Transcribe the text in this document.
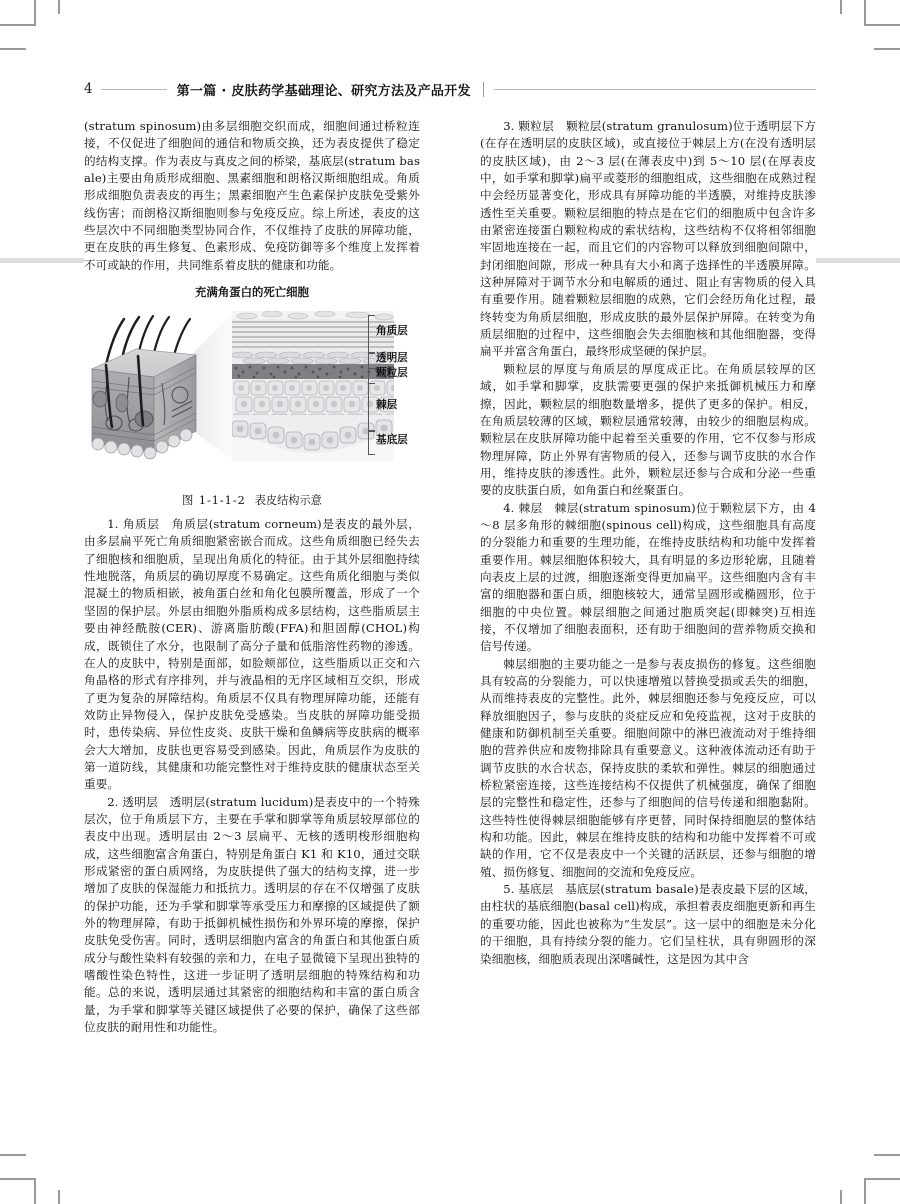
4	第一篇 · 皮肤药学基础理论、研究方法及产品开发

(stratum spinosum)由多层细胞交织而成，细胞间通过桥粒连接，不仅促进了细胞间的通信和物质交换，还为表皮提供了稳定的结构支撑。作为表皮与真皮之间的桥梁，基底层(stratum basale)主要由角质形成细胞、黑素细胞和朗格汉斯细胞组成。角质形成细胞负责表皮的再生；黑素细胞产生色素保护皮肤免受紫外线伤害；而朗格汉斯细胞则参与免疫反应。综上所述，表皮的这些层次中不同细胞类型协同合作，不仅维持了皮肤的屏障功能，更在皮肤的再生修复、色素形成、免疫防御等多个维度上发挥着不可或缺的作用，共同维系着皮肤的健康和功能。

充满角蛋白的死亡细胞
角质层
透明层
颗粒层
棘层
基底层
图 1-1-1-2 表皮结构示意

1. 角质层　角质层(stratum corneum)是表皮的最外层，由多层扁平死亡角质细胞紧密嵌合而成。这些角质细胞已经失去了细胞核和细胞质，呈现出角质化的特征。由于其外层细胞持续性地脱落，角质层的确切厚度不易确定。这些角质化细胞与类似混凝土的物质相嵌，被角蛋白丝和角化包膜所覆盖，形成了一个坚固的保护层。外层由细胞外脂质构成多层结构，这些脂质层主要由神经酰胺(CER)、游离脂肪酸(FFA)和胆固醇(CHOL)构成，既锁住了水分，也限制了高分子量和低脂溶性药物的渗透。在人的皮肤中，特别是面部，如脸颊部位，这些脂质以正交和六角晶格的形式有序排列，并与液晶相的无序区域相互交织，形成了更为复杂的屏障结构。角质层不仅具有物理屏障功能，还能有效防止异物侵入，保护皮肤免受感染。当皮肤的屏障功能受损时，患传染病、异位性皮炎、皮肤干燥和鱼鳞病等皮肤病的概率会大大增加，皮肤也更容易受到感染。因此，角质层作为皮肤的第一道防线，其健康和功能完整性对于维持皮肤的健康状态至关重要。

2. 透明层　透明层(stratum lucidum)是表皮中的一个特殊层次，位于角质层下方，主要在手掌和脚掌等角质层较厚部位的表皮中出现。透明层由 2～3 层扁平、无核的透明梭形细胞构成，这些细胞富含角蛋白，特别是角蛋白 K1 和 K10，通过交联形成紧密的蛋白质网络，为皮肤提供了强大的结构支撑，进一步增加了皮肤的保湿能力和抵抗力。透明层的存在不仅增强了皮肤的保护功能，还为手掌和脚掌等承受压力和摩擦的区域提供了额外的物理屏障，有助于抵御机械性损伤和外界环境的摩擦，保护皮肤免受伤害。同时，透明层细胞内富含的角蛋白和其他蛋白质成分与酸性染料有较强的亲和力，在电子显微镜下呈现出独特的嗜酸性染色特性，这进一步证明了透明层细胞的特殊结构和功能。总的来说，透明层通过其紧密的细胞结构和丰富的蛋白质含量，为手掌和脚掌等关键区域提供了必要的保护，确保了这些部位皮肤的耐用性和功能性。

3. 颗粒层　颗粒层(stratum granulosum)位于透明层下方(在存在透明层的皮肤区域)，或直接位于棘层上方(在没有透明层的皮肤区域)，由 2～3 层(在薄表皮中)到 5～10 层(在厚表皮中，如手掌和脚掌)扁平或菱形的细胞组成，这些细胞在成熟过程中会经历显著变化，形成具有屏障功能的半透膜，对维持皮肤渗透性至关重要。颗粒层细胞的特点是在它们的细胞质中包含许多由紧密连接蛋白颗粒构成的索状结构，这些结构不仅将相邻细胞牢固地连接在一起，而且它们的内容物可以释放到细胞间隙中，封闭细胞间隙，形成一种具有大小和离子选择性的半透膜屏障。这种屏障对于调节水分和电解质的通过、阻止有害物质的侵入具有重要作用。随着颗粒层细胞的成熟，它们会经历角化过程，最终转变为角质层细胞，形成皮肤的最外层保护屏障。在转变为角质层细胞的过程中，这些细胞会失去细胞核和其他细胞器，变得扁平并富含角蛋白，最终形成坚硬的保护层。

颗粒层的厚度与角质层的厚度成正比。在角质层较厚的区域，如手掌和脚掌，皮肤需要更强的保护来抵御机械压力和摩擦，因此，颗粒层的细胞数量增多，提供了更多的保护。相反，在角质层较薄的区域，颗粒层通常较薄，由较少的细胞层构成。颗粒层在皮肤屏障功能中起着至关重要的作用，它不仅参与形成物理屏障，防止外界有害物质的侵入，还参与调节皮肤的水合作用，维持皮肤的渗透性。此外，颗粒层还参与合成和分泌一些重要的皮肤蛋白质，如角蛋白和丝聚蛋白。

4. 棘层　棘层(stratum spinosum)位于颗粒层下方，由 4～8 层多角形的棘细胞(spinous cell)构成，这些细胞具有高度的分裂能力和重要的生理功能，在维持皮肤结构和功能中发挥着重要作用。棘层细胞体积较大，具有明显的多边形轮廓，且随着向表皮上层的过渡，细胞逐渐变得更加扁平。这些细胞内含有丰富的细胞器和蛋白质，细胞核较大，通常呈圆形或椭圆形，位于细胞的中央位置。棘层细胞之间通过胞质突起(即棘突)互相连接，不仅增加了细胞表面积，还有助于细胞间的营养物质交换和信号传递。

棘层细胞的主要功能之一是参与表皮损伤的修复。这些细胞具有较高的分裂能力，可以快速增殖以替换受损或丢失的细胞，从而维持表皮的完整性。此外，棘层细胞还参与免疫反应，可以释放细胞因子，参与皮肤的炎症反应和免疫监视，这对于皮肤的健康和防御机制至关重要。细胞间隙中的淋巴液流动对于维持细胞的营养供应和废物排除具有重要意义。这种液体流动还有助于调节皮肤的水合状态，保持皮肤的柔软和弹性。棘层的细胞通过桥粒紧密连接，这些连接结构不仅提供了机械强度，确保了细胞层的完整性和稳定性，还参与了细胞间的信号传递和细胞黏附。这些特性使得棘层细胞能够有序更替，同时保持细胞层的整体结构和功能。因此，棘层在维持皮肤的结构和功能中发挥着不可或缺的作用，它不仅是表皮中一个关键的活跃层，还参与细胞的增殖、损伤修复、细胞间的交流和免疫反应。

5. 基底层　基底层(stratum basale)是表皮最下层的区域，由柱状的基底细胞(basal cell)构成，承担着表皮细胞更新和再生的重要功能，因此也被称为“生发层”。这一层中的细胞是未分化的干细胞，具有持续分裂的能力。它们呈柱状，具有卵圆形的深染细胞核，细胞质表现出深嗜碱性，这是因为其中含
